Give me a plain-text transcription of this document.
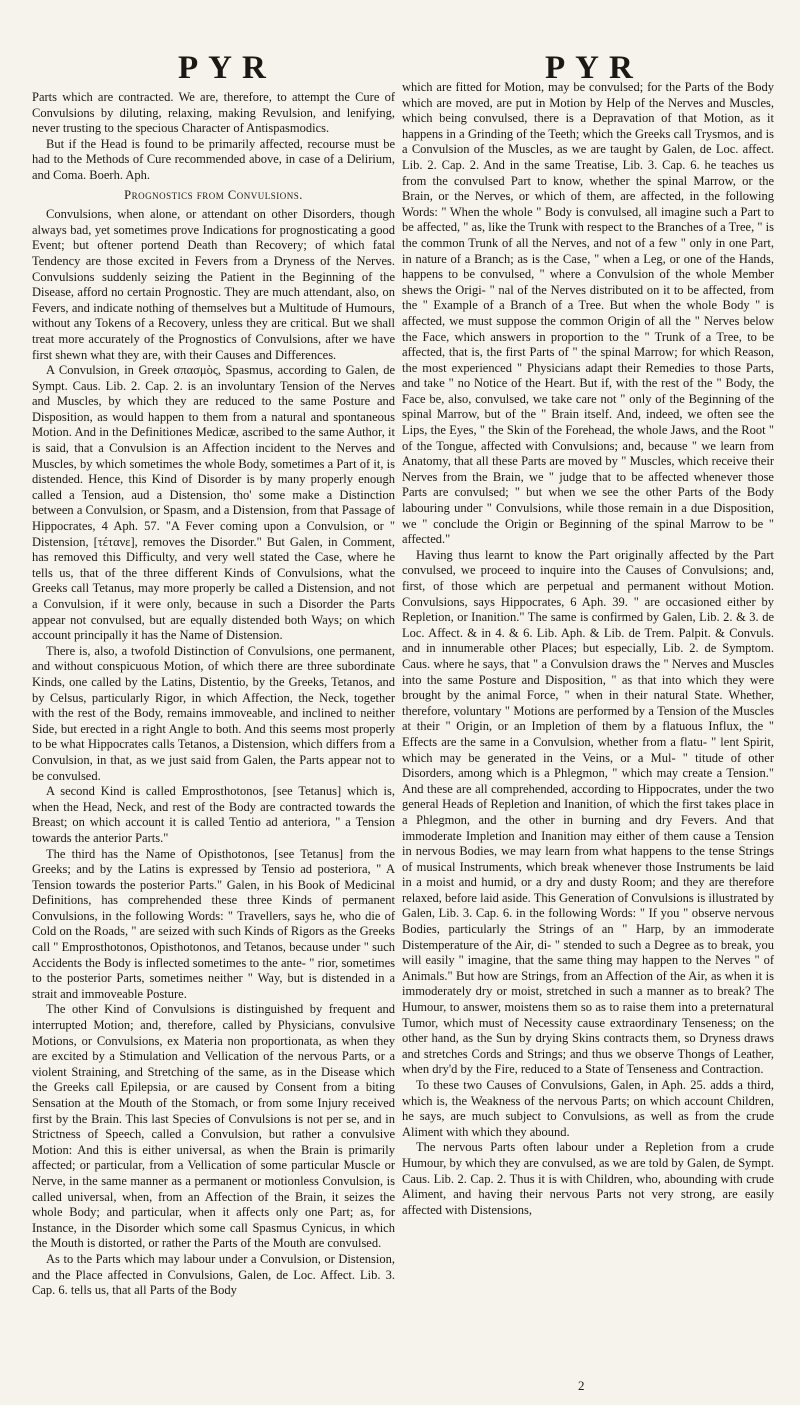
PYR	PYR

Parts which are contracted. We are, therefore, to attempt the Cure of Convulsions by diluting, relaxing, making Revulsion, and lenifying, never trusting to the specious Character of Antispasmodics.

But if the Head is found to be primarily affected, recourse must be had to the Methods of Cure recommended above, in case of a Delirium, and Coma. Boerh. Aph.

Prognostics from Convulsions.

Convulsions, when alone, or attendant on other Disorders, though always bad, yet sometimes prove Indications for prognosticating a good Event; but oftener portend Death than Recovery; of which fatal Tendency are those excited in Fevers from a Dryness of the Nerves. Convulsions suddenly seizing the Patient in the Beginning of the Disease, afford no certain Prognostic. They are much attendant, also, on Fevers, and indicate nothing of themselves but a Multitude of Humours, without any Tokens of a Recovery, unless they are critical. But we shall treat more accurately of the Prognostics of Convulsions, after we have first shewn what they are, with their Causes and Differences.

A Convulsion, in Greek σπασμὸς, Spasmus, according to Galen, de Sympt. Caus. Lib. 2. Cap. 2. is an involuntary Tension of the Nerves and Muscles, by which they are reduced to the same Posture and Disposition, as would happen to them from a natural and spontaneous Motion. And in the Definitiones Medicæ, ascribed to the same Author, it is said, that a Convulsion is an Affection incident to the Nerves and Muscles, by which sometimes the whole Body, sometimes a Part of it, is distended. Hence, this Kind of Disorder is by many properly enough called a Tension, aud a Distension, tho' some make a Distinction between a Convulsion, or Spasm, and a Distension, from that Passage of Hippocrates, 4 Aph. 57. "A Fever coming upon a Convulsion, or " Distension, [τέτανε], removes the Disorder." But Galen, in Comment, has removed this Difficulty, and very well stated the Case, where he tells us, that of the three different Kinds of Convulsions, what the Greeks call Tetanus, may more properly be called a Distension, and not a Convulsion, if it were only, because in such a Disorder the Parts appear not convulsed, but are equally distended both Ways; on which account principally it has the Name of Distension.

There is, also, a twofold Distinction of Convulsions, one permanent, and without conspicuous Motion, of which there are three subordinate Kinds, one called by the Latins, Distentio, by the Greeks, Tetanos, and by Celsus, particularly Rigor, in which Affection, the Neck, together with the rest of the Body, remains immoveable, and inclined to neither Side, but erected in a right Angle to both. And this seems most properly to be what Hippocrates calls Tetanos, a Distension, which differs from a Convulsion, in that, as we just said from Galen, the Parts appear not to be convulsed.

A second Kind is called Emprosthotonos, [see Tetanus] which is, when the Head, Neck, and rest of the Body are contracted towards the Breast; on which account it is called Tentio ad anteriora, " a Tension towards the anterior Parts."

The third has the Name of Opisthotonos, [see Tetanus] from the Greeks; and by the Latins is expressed by Tensio ad posteriora, " A Tension towards the posterior Parts." Galen, in his Book of Medicinal Definitions, has comprehended these three Kinds of permanent Convulsions, in the following Words: " Travellers, says he, who die of Cold on the Roads, " are seized with such Kinds of Rigors as the Greeks call " Emprosthotonos, Opisthotonos, and Tetanos, because under " such Accidents the Body is inflected sometimes to the ante- " rior, sometimes to the posterior Parts, sometimes neither " Way, but is distended in a strait and immoveable Posture.

The other Kind of Convulsions is distinguished by frequent and interrupted Motion; and, therefore, called by Physicians, convulsive Motions, or Convulsions, ex Materia non proportionata, as when they are excited by a Stimulation and Vellication of the nervous Parts, or a violent Straining, and Stretching of the same, as in the Disease which the Greeks call Epilepsia, or are caused by Consent from a biting Sensation at the Mouth of the Stomach, or from some Injury received first by the Brain. This last Species of Convulsions is not per se, and in Strictness of Speech, called a Convulsion, but rather a convulsive Motion: And this is either universal, as when the Brain is primarily affected; or particular, from a Vellication of some particular Muscle or Nerve, in the same manner as a permanent or motionless Convulsion, is called universal, when, from an Affection of the Brain, it seizes the whole Body; and particular, when it affects only one Part; as, for Instance, in the Disorder which some call Spasmus Cynicus, in which the Mouth is distorted, or rather the Parts of the Mouth are convulsed.

As to the Parts which may labour under a Convulsion, or Distension, and the Place affected in Convulsions, Galen, de Loc. Affect. Lib. 3. Cap. 6. tells us, that all Parts of the Body

which are fitted for Motion, may be convulsed; for the Parts of the Body which are moved, are put in Motion by Help of the Nerves and Muscles, which being convulsed, there is a Depravation of that Motion, as it happens in a Grinding of the Teeth; which the Greeks call Trysmos, and is a Convulsion of the Muscles, as we are taught by Galen, de Loc. affect. Lib. 2. Cap. 2. And in the same Treatise, Lib. 3. Cap. 6. he teaches us from the convulsed Part to know, whether the spinal Marrow, or the Brain, or the Nerves, or which of them, are affected, in the following Words: " When the whole " Body is convulsed, all imagine such a Part to be affected, " as, like the Trunk with respect to the Branches of a Tree, " is the common Trunk of all the Nerves, and not of a few " only in one Part, in nature of a Branch; as is the Case, " when a Leg, or one of the Hands, happens to be convulsed, " where a Convulsion of the whole Member shews the Origi- " nal of the Nerves distributed on it to be affected, from the " Example of a Branch of a Tree. But when the whole Body " is affected, we must suppose the common Origin of all the " Nerves below the Face, which answers in proportion to the " Trunk of a Tree, to be affected, that is, the first Parts of " the spinal Marrow; for which Reason, the most experienced " Physicians adapt their Remedies to those Parts, and take " no Notice of the Heart. But if, with the rest of the " Body, the Face be, also, convulsed, we take care not " only of the Beginning of the spinal Marrow, but of the " Brain itself. And, indeed, we often see the Lips, the Eyes, " the Skin of the Forehead, the whole Jaws, and the Root " of the Tongue, affected with Convulsions; and, because " we learn from Anatomy, that all these Parts are moved by " Muscles, which receive their Nerves from the Brain, we " judge that to be affected whenever those Parts are convulsed; " but when we see the other Parts of the Body labouring under " Convulsions, while those remain in a due Disposition, we " conclude the Origin or Beginning of the spinal Marrow to be " affected."

Having thus learnt to know the Part originally affected by the Part convulsed, we proceed to inquire into the Causes of Convulsions; and, first, of those which are perpetual and permanent without Motion. Convulsions, says Hippocrates, 6 Aph. 39. " are occasioned either by Repletion, or Inanition." The same is confirmed by Galen, Lib. 2. & 3. de Loc. Affect. & in 4. & 6. Lib. Aph. & Lib. de Trem. Palpit. & Convuls. and in innumerable other Places; but especially, Lib. 2. de Symptom. Caus. where he says, that " a Convulsion draws the " Nerves and Muscles into the same Posture and Disposition, " as that into which they were brought by the animal Force, " when in their natural State. Whether, therefore, voluntary " Motions are performed by a Tension of the Muscles at their " Origin, or an Impletion of them by a flatuous Influx, the " Effects are the same in a Convulsion, whether from a flatu- " lent Spirit, which may be generated in the Veins, or a Mul- " titude of other Disorders, among which is a Phlegmon, " which may create a Tension." And these are all comprehended, according to Hippocrates, under the two general Heads of Repletion and Inanition, of which the first takes place in a Phlegmon, and the other in burning and dry Fevers. And that immoderate Impletion and Inanition may either of them cause a Tension in nervous Bodies, we may learn from what happens to the tense Strings of musical Instruments, which break whenever those Instruments be laid in a moist and humid, or a dry and dusty Room; and they are therefore relaxed, before laid aside. This Generation of Convulsions is illustrated by Galen, Lib. 3. Cap. 6. in the following Words: " If you " observe nervous Bodies, particularly the Strings of an " Harp, by an immoderate Distemperature of the Air, di- " stended to such a Degree as to break, you will easily " imagine, that the same thing may happen to the Nerves " of Animals." But how are Strings, from an Affection of the Air, as when it is immoderately dry or moist, stretched in such a manner as to break? The Humour, to answer, moistens them so as to raise them into a preternatural Tumor, which must of Necessity cause extraordinary Tenseness; on the other hand, as the Sun by drying Skins contracts them, so Dryness draws and stretches Cords and Strings; and thus we observe Thongs of Leather, when dry'd by the Fire, reduced to a State of Tenseness and Contraction.

To these two Causes of Convulsions, Galen, in Aph. 25. adds a third, which is, the Weakness of the nervous Parts; on which account Children, he says, are much subject to Convulsions, as well as from the crude Aliment with which they abound.

The nervous Parts often labour under a Repletion from a crude Humour, by which they are convulsed, as we are told by Galen, de Sympt. Caus. Lib. 2. Cap. 2. Thus it is with Children, who, abounding with crude Aliment, and having their nervous Parts not very strong, are easily affected with Distensions,

2
